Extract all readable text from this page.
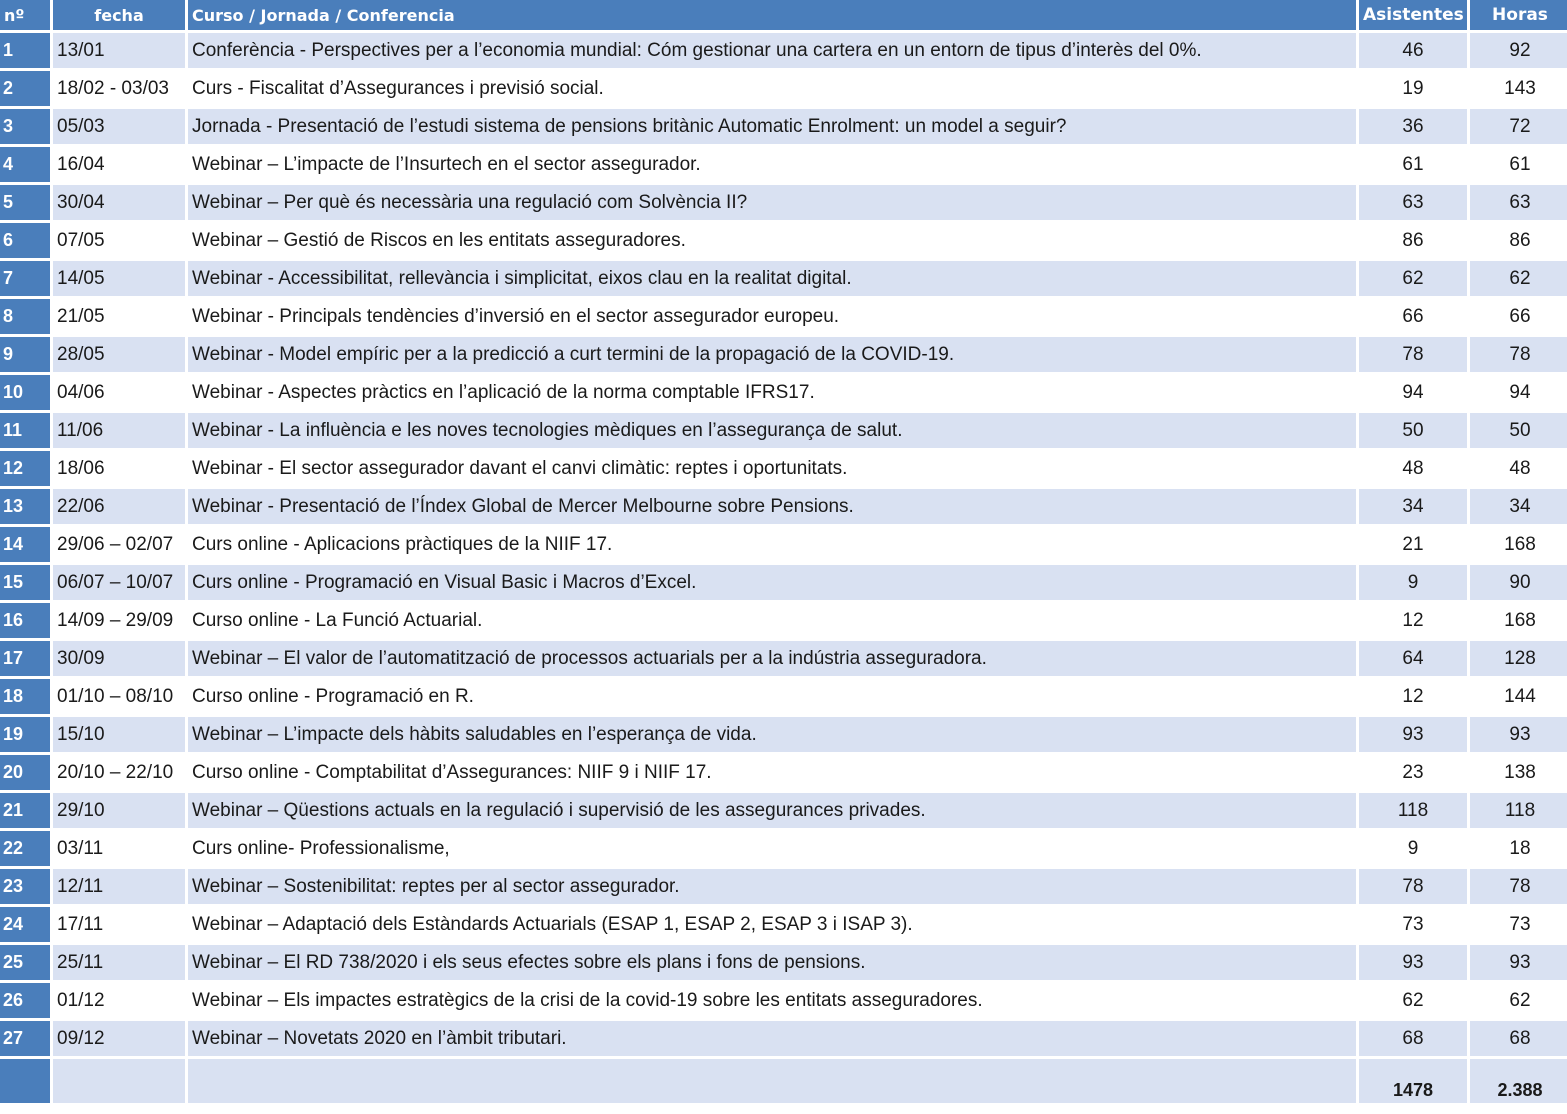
nº	fecha	Curso / Jornada / Conferencia	Asistentes	Horas
1	13/01	Conferència - Perspectives per a l’economia mundial: Cóm gestionar una cartera en un entorn de tipus d’interès del 0%.	46	92
2	18/02 - 03/03	Curs - Fiscalitat d’Assegurances i previsió social.	19	143
3	05/03	Jornada - Presentació de l’estudi sistema de pensions britànic Automatic Enrolment: un model a seguir?	36	72
4	16/04	Webinar – L’impacte de l’Insurtech en el sector assegurador.	61	61
5	30/04	Webinar – Per què és necessària una regulació com Solvència II?	63	63
6	07/05	Webinar – Gestió de Riscos en les entitats asseguradores.	86	86
7	14/05	Webinar - Accessibilitat, rellevància i simplicitat, eixos clau en la realitat digital.	62	62
8	21/05	Webinar - Principals tendències d’inversió en el sector assegurador europeu.	66	66
9	28/05	Webinar - Model empíric per a la predicció a curt termini de la propagació de la COVID-19.	78	78
10	04/06	Webinar - Aspectes pràctics en l’aplicació de la norma comptable IFRS17.	94	94
11	11/06	Webinar - La influència e les noves tecnologies mèdiques en l’assegurança de salut.	50	50
12	18/06	Webinar - El sector assegurador davant el canvi climàtic: reptes i oportunitats.	48	48
13	22/06	Webinar - Presentació de l’Índex Global de Mercer Melbourne sobre Pensions.	34	34
14	29/06 – 02/07	Curs online - Aplicacions pràctiques de la NIIF 17.	21	168
15	06/07 – 10/07	Curs online - Programació en Visual Basic i Macros d’Excel.	9	90
16	14/09 – 29/09	Curso online - La Funció Actuarial.	12	168
17	30/09	Webinar – El valor de l’automatització de processos actuarials per a la indústria asseguradora.	64	128
18	01/10 – 08/10	Curso online - Programació en R.	12	144
19	15/10	Webinar – L’impacte dels hàbits saludables en l’esperança de vida.	93	93
20	20/10 – 22/10	Curso online - Comptabilitat d’Assegurances: NIIF 9 i NIIF 17.	23	138
21	29/10	Webinar – Qüestions actuals en la regulació i supervisió de les assegurances privades.	118	118
22	03/11	Curs online- Professionalisme,	9	18
23	12/11	Webinar – Sostenibilitat: reptes per al sector assegurador.	78	78
24	17/11	Webinar – Adaptació dels Estàndards Actuarials (ESAP 1, ESAP 2, ESAP 3 i ISAP 3).	73	73
25	25/11	Webinar – El RD 738/2020 i els seus efectes sobre els plans i fons de pensions.	93	93
26	01/12	Webinar – Els impactes estratègics de la crisi de la covid-19 sobre les entitats asseguradores.	62	62
27	09/12	Webinar – Novetats 2020 en l’àmbit tributari.	68	68
			1478	2.388
